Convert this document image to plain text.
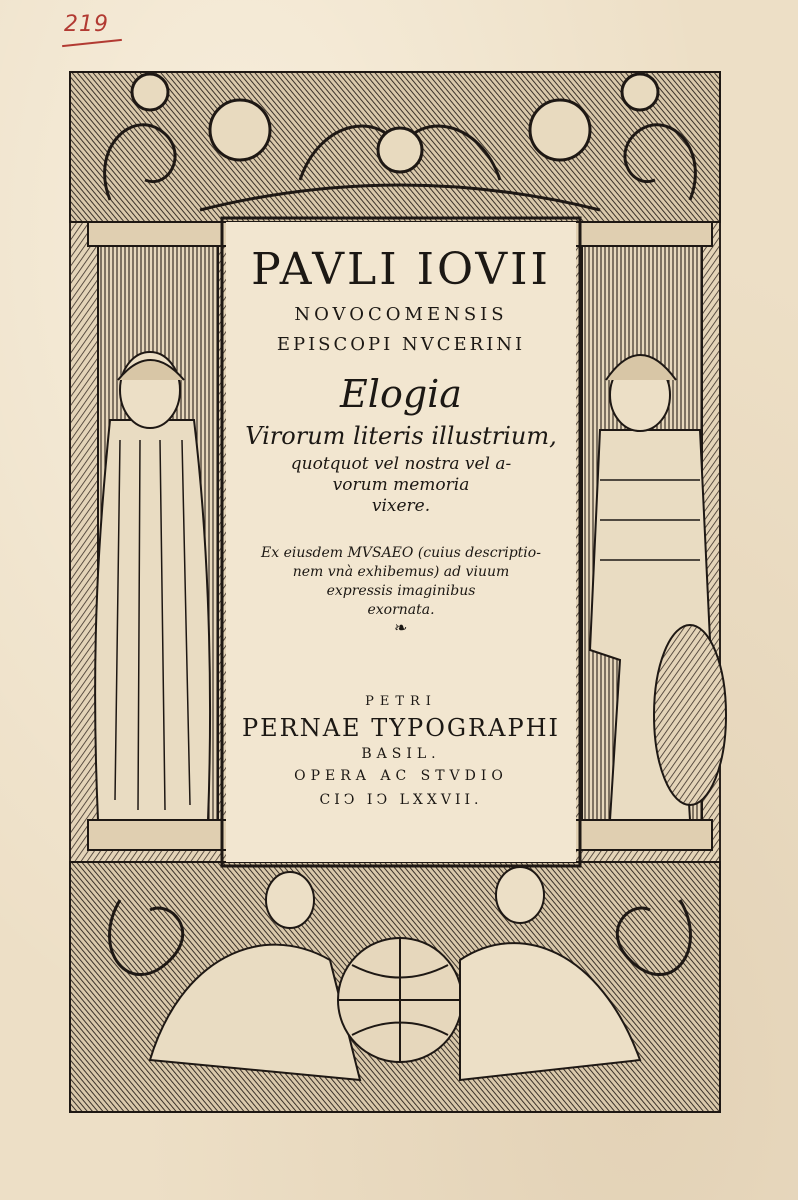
219
PAVLI IOVII
NOVOCOMENSIS
EPISCOPI NVCERINI
Elogia
Virorum literis illustrium,
quotquot vel nostra vel a-
vorum memoria
vixere.
Ex eiusdem MVSAEO (cuius descriptio-
nem vnà exhibemus) ad viuum
expressis imaginibus
exornata.
❧
PETRI
PERNAE TYPOGRAPHI
BASIL.
OPERA AC STVDIO
CIↃ IↃ LXXVII.
